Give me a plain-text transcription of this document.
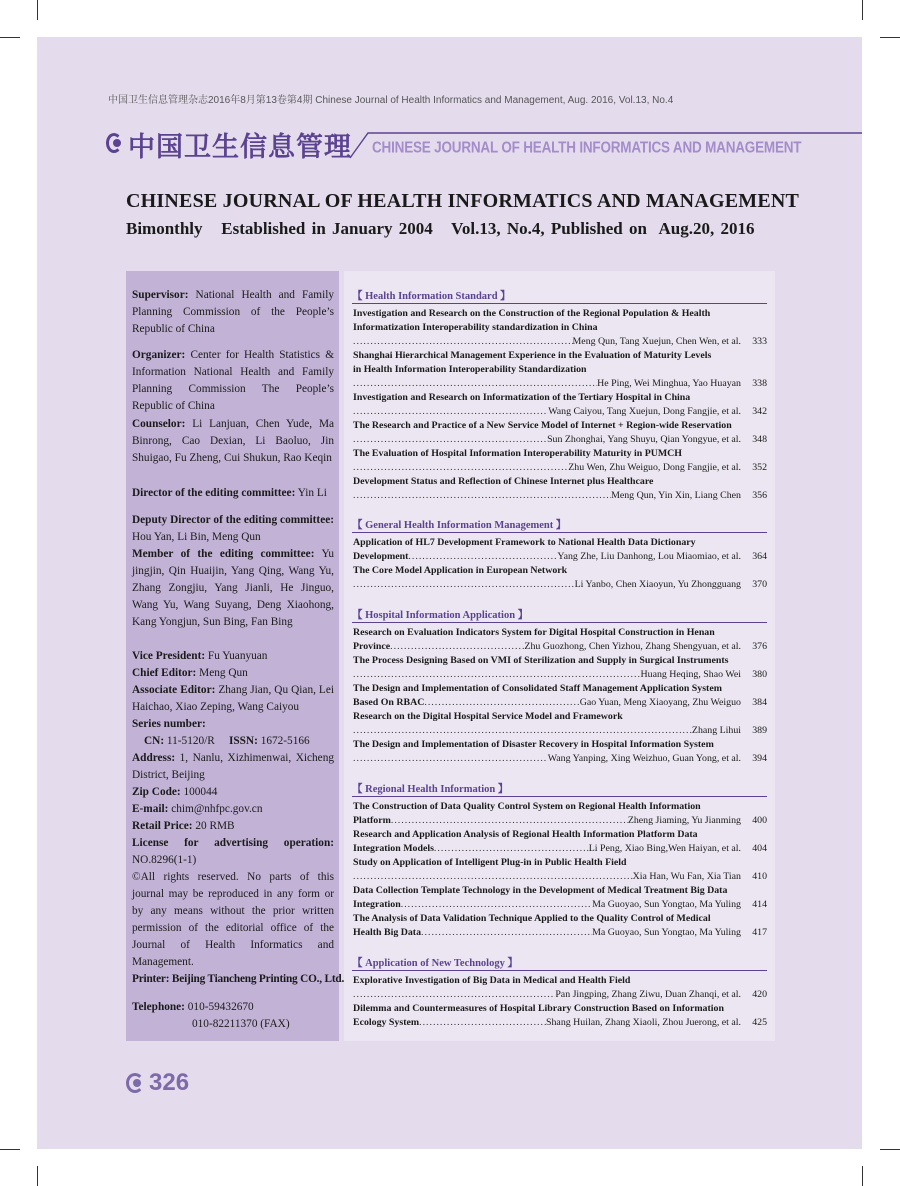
中国卫生信息管理杂志2016年8月第13卷第4期 Chinese Journal of Health Informatics and Management, Aug. 2016, Vol.13, No.4
中国卫生信息管理 CHINESE JOURNAL OF HEALTH INFORMATICS AND MANAGEMENT
CHINESE JOURNAL OF HEALTH INFORMATICS AND MANAGEMENT
Bimonthly   Established in January 2004   Vol.13, No.4, Published on  Aug.20, 2016
Supervisor: National Health and Family Planning Commission of the People’s Republic of China
Organizer: Center for Health Statistics & Information National Health and Family Planning Commission The People’s Republic of China
Counselor: Li Lanjuan, Chen Yude, Ma Binrong, Cao Dexian, Li Baoluo, Jin Shuigao, Fu Zheng, Cui Shukun, Rao Keqin
Director of the editing committee: Yin Li
Deputy Director of the editing committee: Hou Yan, Li Bin, Meng Qun
Member of the editing committee: Yu jingjin, Qin Huaijin, Yang Qing, Wang Yu, Zhang Zongjiu, Yang Jianli, He Jinguo, Wang Yu, Wang Suyang, Deng Xiaohong, Kang Yongjun, Sun Bing, Fan Bing
Vice President: Fu Yuanyuan
Chief Editor: Meng Qun
Associate Editor: Zhang Jian, Qu Qian, Lei Haichao, Xiao Zeping, Wang Caiyou
Series number:
CN: 11-5120/R ISSN: 1672-5166
Address: 1, Nanlu, Xizhimenwai, Xicheng District, Beijing
Zip Code: 100044
E-mail: chim@nhfpc.gov.cn
Retail Price: 20 RMB
License for advertising operation: NO.8296(1-1)
©All rights reserved. No parts of this journal may be reproduced in any form or by any means without the prior written permission of the editorial office of the Journal of Health Informatics and Management.
Printer: Beijing Tiancheng Printing CO., Ltd.
Telephone: 010-59432670
010-82211370 (FAX)
【 Health Information Standard 】
Investigation and Research on the Construction of the Regional Population & Health
Informatization Interoperability standardization in China
.....
Meng Qun, Tang Xuejun, Chen Wen, et al.	333
Shanghai Hierarchical Management Experience in the Evaluation of Maturity Levels
in Health Information Interoperability Standardization
.....
He Ping, Wei Minghua, Yao Huayan	338
Investigation and Research on Informatization of the Tertiary Hospital in China
.....
Wang Caiyou, Tang Xuejun, Dong Fangjie, et al.	342
The Research and Practice of a New Service Model of Internet + Region-wide Reservation
.....
Sun Zhonghai, Yang Shuyu, Qian Yongyue, et al.	348
The Evaluation of Hospital Information Interoperability Maturity in PUMCH
.....
Zhu Wen, Zhu Weiguo, Dong Fangjie, et al.	352
Development Status and Reflection of Chinese Internet plus Healthcare
.....
Meng Qun, Yin Xin, Liang Chen	356
【 General Health Information Management 】
Application of HL7 Development Framework to National Health Data Dictionary
Development .....	Yang Zhe, Liu Danhong, Lou Miaomiao, et al.	364
The Core Model Application in European Network
.....
Li Yanbo, Chen Xiaoyun, Yu Zhongguang	370
【 Hospital Information Application 】
Research on Evaluation Indicators System for Digital Hospital Construction in Henan
Province .....	Zhu Guozhong, Chen Yizhou, Zhang Shengyuan, et al.	376
The Process Designing Based on VMI of Sterilization and Supply in Surgical Instruments
.....
Huang Heqing, Shao Wei	380
The Design and Implementation of Consolidated Staff Management Application System
Based On RBAC .....	Gao Yuan, Meng Xiaoyang, Zhu Weiguo	384
Research on the Digital Hospital Service Model and Framework
.....
Zhang Lihui	389
The Design and Implementation of Disaster Recovery in Hospital Information System
.....
Wang Yanping, Xing Weizhuo, Guan Yong, et al.	394
【 Regional Health Information 】
The Construction of Data Quality Control System on Regional Health Information
Platform .....	Zheng Jiaming, Yu Jianming	400
Research and Application Analysis of Regional Health Information Platform Data
Integration Models .....	Li Peng, Xiao Bing,Wen Haiyan, et al.	404
Study on Application of Intelligent Plug-in in Public Health Field
.....
Xia Han, Wu Fan, Xia Tian	410
Data Collection Template Technology in the Development of Medical Treatment Big Data
Integration .....	Ma Guoyao, Sun Yongtao, Ma Yuling	414
The Analysis of Data Validation Technique Applied to the Quality Control of Medical
Health Big Data .....	Ma Guoyao, Sun Yongtao, Ma Yuling	417
【 Application of New Technology 】
Explorative Investigation of Big Data in Medical and Health Field
.....
Pan Jingping, Zhang Ziwu, Duan Zhanqi, et al.	420
Dilemma and Countermeasures of Hospital Library Construction Based on Information
Ecology System .....	Shang Huilan, Zhang Xiaoli, Zhou Juerong, et al.	425
326
